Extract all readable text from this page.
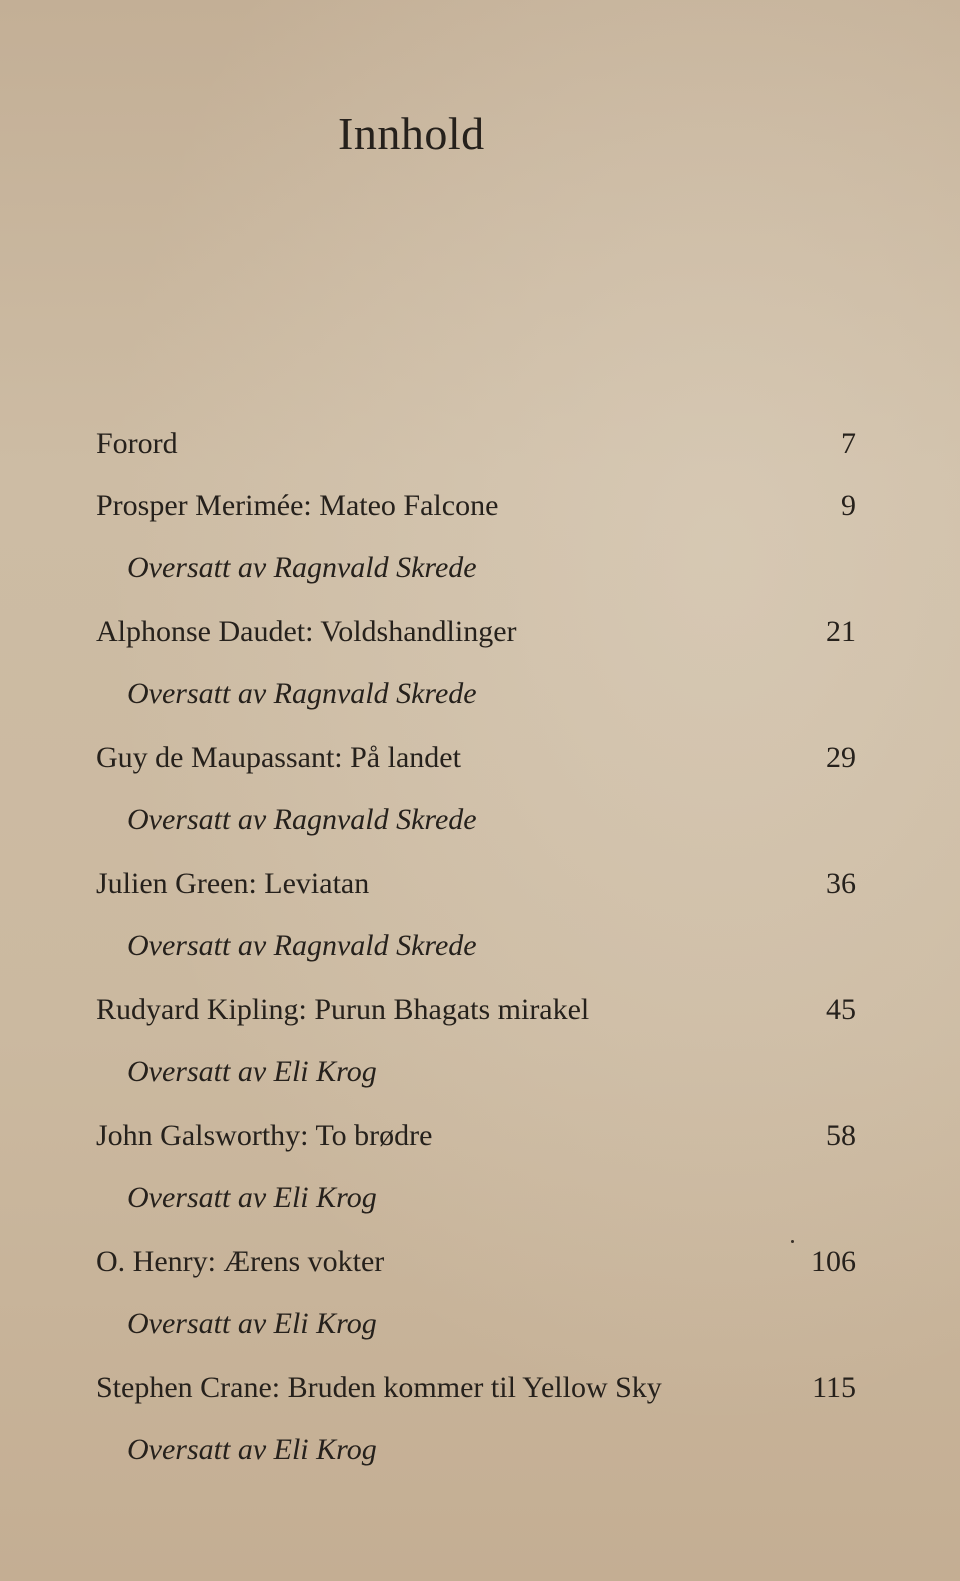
Innhold
Forord	7
Prosper Merimée: Mateo Falcone	9
Oversatt av Ragnvald Skrede
Alphonse Daudet: Voldshandlinger	21
Oversatt av Ragnvald Skrede
Guy de Maupassant: På landet	29
Oversatt av Ragnvald Skrede
Julien Green: Leviatan	36
Oversatt av Ragnvald Skrede
Rudyard Kipling: Purun Bhagats mirakel	45
Oversatt av Eli Krog
John Galsworthy: To brødre	58
Oversatt av Eli Krog
O. Henry: Ærens vokter	106
Oversatt av Eli Krog
Stephen Crane: Bruden kommer til Yellow Sky	115
Oversatt av Eli Krog
